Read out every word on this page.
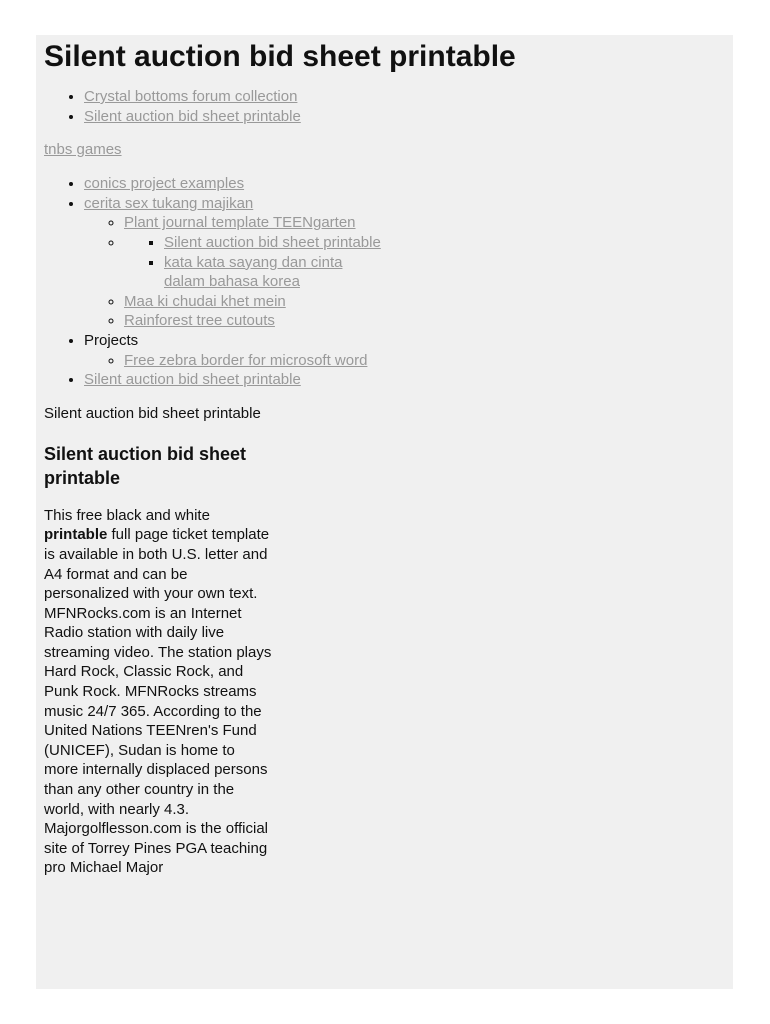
Silent auction bid sheet printable
• Crystal bottoms forum collection
• Silent auction bid sheet printable

tnbs games

• conics project examples
• cerita sex tukang majikan
◦ Plant journal template TEENgarten
▪ ◦ Silent auction bid sheet printable
▪ kata kata sayang dan cinta dalam bahasa korea
◦ Maa ki chudai khet mein
◦ Rainforest tree cutouts
• Projects
◦ Free zebra border for microsoft word
• Silent auction bid sheet printable

Silent auction bid sheet printable

Silent auction bid sheet printable

This free black and white printable full page ticket template is available in both U.S. letter and A4 format and can be personalized with your own text. MFNRocks.com is an Internet Radio station with daily live streaming video. The station plays Hard Rock, Classic Rock, and Punk Rock. MFNRocks streams music 24/7 365. According to the United Nations TEENren's Fund (UNICEF), Sudan is home to more internally displaced persons than any other country in the world, with nearly 4.3. Majorgolflesson.com is the official site of Torrey Pines PGA teaching pro Michael Major
